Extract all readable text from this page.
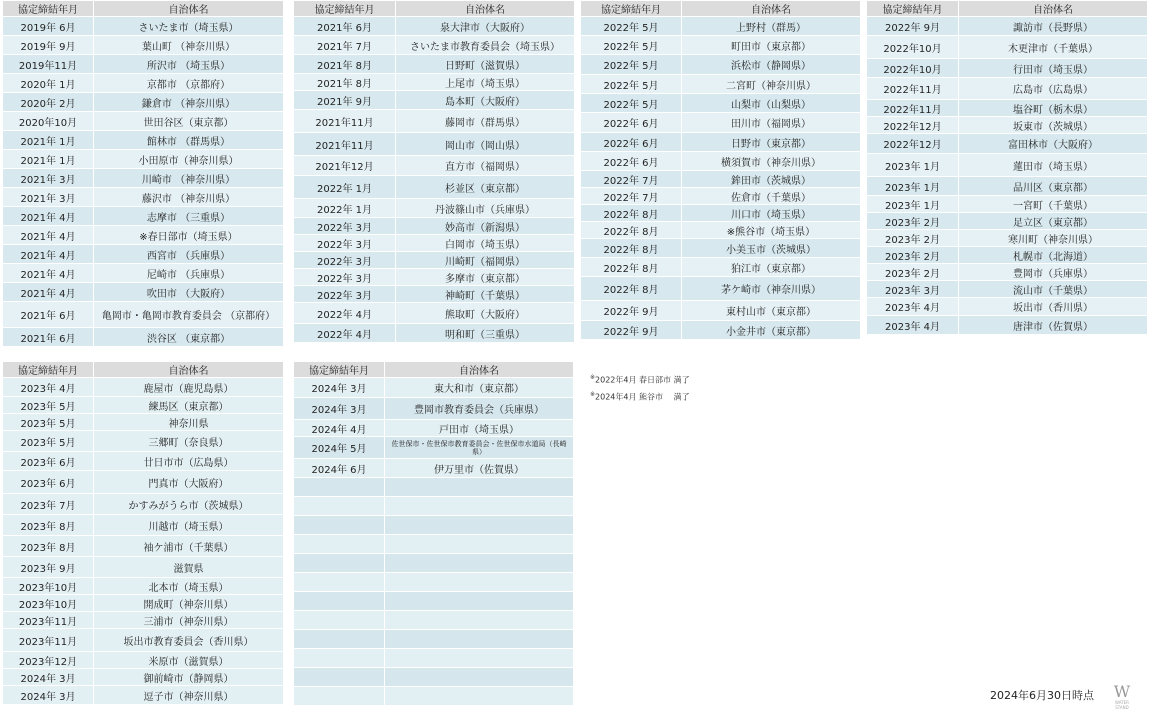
協定締結年月	自治体名
2019年 6月	さいたま市（埼玉県）
2019年 9月	葉山町 （神奈川県）
2019年11月	所沢市 （埼玉県）
2020年 1月	京都市 （京都府）
2020年 2月	鎌倉市 （神奈川県）
2020年10月	世田谷区（東京都）
2021年 1月	館林市 （群馬県）
2021年 1月	小田原市（神奈川県）
2021年 3月	川崎市 （神奈川県）
2021年 3月	藤沢市 （神奈川県）
2021年 4月	志摩市 （三重県）
2021年 4月	※春日部市（埼玉県）
2021年 4月	西宮市 （兵庫県）
2021年 4月	尼崎市 （兵庫県）
2021年 4月	吹田市 （大阪府）
2021年 6月	亀岡市・亀岡市教育委員会 （京都府）
2021年 6月	渋谷区 （東京都）
協定締結年月	自治体名
2021年 6月	泉大津市（大阪府）
2021年 7月	さいたま市教育委員会（埼玉県）
2021年 8月	日野町（滋賀県）
2021年 8月	上尾市（埼玉県）
2021年 9月	島本町（大阪府）
2021年11月	藤岡市（群馬県）
2021年11月	岡山市（岡山県）
2021年12月	直方市（福岡県）
2022年 1月	杉並区（東京都）
2022年 1月	丹波篠山市（兵庫県）
2022年 3月	妙高市（新潟県）
2022年 3月	白岡市（埼玉県）
2022年 3月	川崎町（福岡県）
2022年 3月	多摩市（東京都）
2022年 3月	神崎町（千葉県）
2022年 4月	熊取町（大阪府）
2022年 4月	明和町（三重県）
協定締結年月	自治体名
2022年 5月	上野村（群馬）
2022年 5月	町田市（東京都）
2022年 5月	浜松市（静岡県）
2022年 5月	二宮町（神奈川県）
2022年 5月	山梨市（山梨県）
2022年 6月	田川市（福岡県）
2022年 6月	日野市（東京都）
2022年 6月	横須賀市（神奈川県）
2022年 7月	鉾田市（茨城県）
2022年 7月	佐倉市（千葉県）
2022年 8月	川口市（埼玉県）
2022年 8月	※熊谷市（埼玉県）
2022年 8月	小美玉市（茨城県）
2022年 8月	狛江市（東京都）
2022年 8月	茅ケ崎市（神奈川県）
2022年 9月	東村山市（東京都）
2022年 9月	小金井市（東京都）
協定締結年月	自治体名
2022年 9月	諏訪市（長野県）
2022年10月	木更津市（千葉県）
2022年10月	行田市（埼玉県）
2022年11月	広島市（広島県）
2022年11月	塩谷町（栃木県）
2022年12月	坂東市（茨城県）
2022年12月	富田林市（大阪府）
2023年 1月	蓮田市（埼玉県）
2023年 1月	品川区（東京都）
2023年 1月	一宮町（千葉県）
2023年 2月	足立区（東京都）
2023年 2月	寒川町（神奈川県）
2023年 2月	札幌市（北海道）
2023年 2月	豊岡市（兵庫県）
2023年 3月	流山市（千葉県）
2023年 4月	坂出市（香川県）
2023年 4月	唐津市（佐賀県）
協定締結年月	自治体名
2023年 4月	鹿屋市（鹿児島県）
2023年 5月	練馬区（東京都）
2023年 5月	神奈川県
2023年 5月	三郷町（奈良県）
2023年 6月	廿日市市（広島県）
2023年 6月	門真市（大阪府）
2023年 7月	かすみがうら市（茨城県）
2023年 8月	川越市（埼玉県）
2023年 8月	袖ケ浦市（千葉県）
2023年 9月	滋賀県
2023年10月	北本市（埼玉県）
2023年10月	開成町（神奈川県）
2023年11月	三浦市（神奈川県）
2023年11月	坂出市教育委員会（香川県）
2023年12月	米原市（滋賀県）
2024年 3月	御前崎市（静岡県）
2024年 3月	逗子市（神奈川県）
協定締結年月	自治体名
2024年 3月	東大和市（東京都）
2024年 3月	豊岡市教育委員会（兵庫県）
2024年 4月	戸田市（埼玉県）
2024年 5月	佐世保市・佐世保市教育委員会・佐世保市水道局（長崎県）
2024年 6月	伊万里市（佐賀県）

※2022年4月 春日部市 満了
※2024年4月 熊谷市　 満了
2024年6月30日時点 W
WATER
STAND
